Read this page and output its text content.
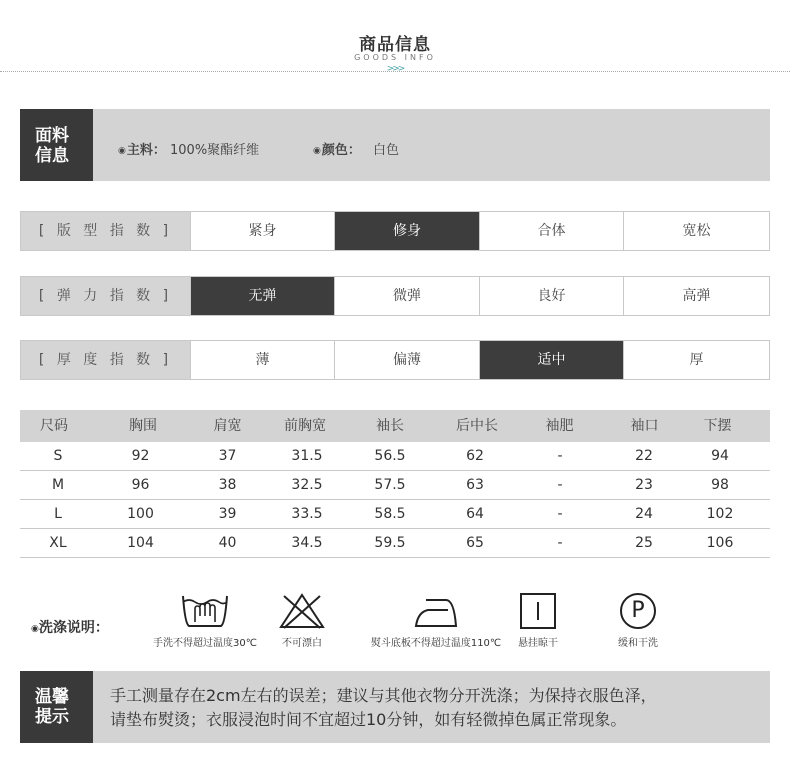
商品信息
GOODS INFO
>>>
面料
信息	◉主料： 100%聚酯纤维	◉颜色： 白色
[ 版 型 指 数 ]	紧身	修身	合体	宽松
[ 弹 力 指 数 ]	无弹	微弹	良好	高弹
[ 厚 度 指 数 ]	薄	偏薄	适中	厚
尺码	胸围	肩宽	前胸宽	袖长	后中长	袖肥	袖口	下摆
S	92	37	31.5	56.5	62	-	22	94
M	96	38	32.5	57.5	63	-	23	98
L	100	39	33.5	58.5	64	-	24	102
XL	104	40	34.5	59.5	65	-	25	106
◉洗涤说明：
手洗不得超过温度30℃	不可漂白	熨斗底板不得超过温度110℃	悬挂晾干
P
缓和干洗
温馨
提示
手工测量存在2cm左右的误差；建议与其他衣物分开洗涤；为保持衣服色泽，
请垫布熨烫；衣服浸泡时间不宜超过10分钟，如有轻微掉色属正常现象。
